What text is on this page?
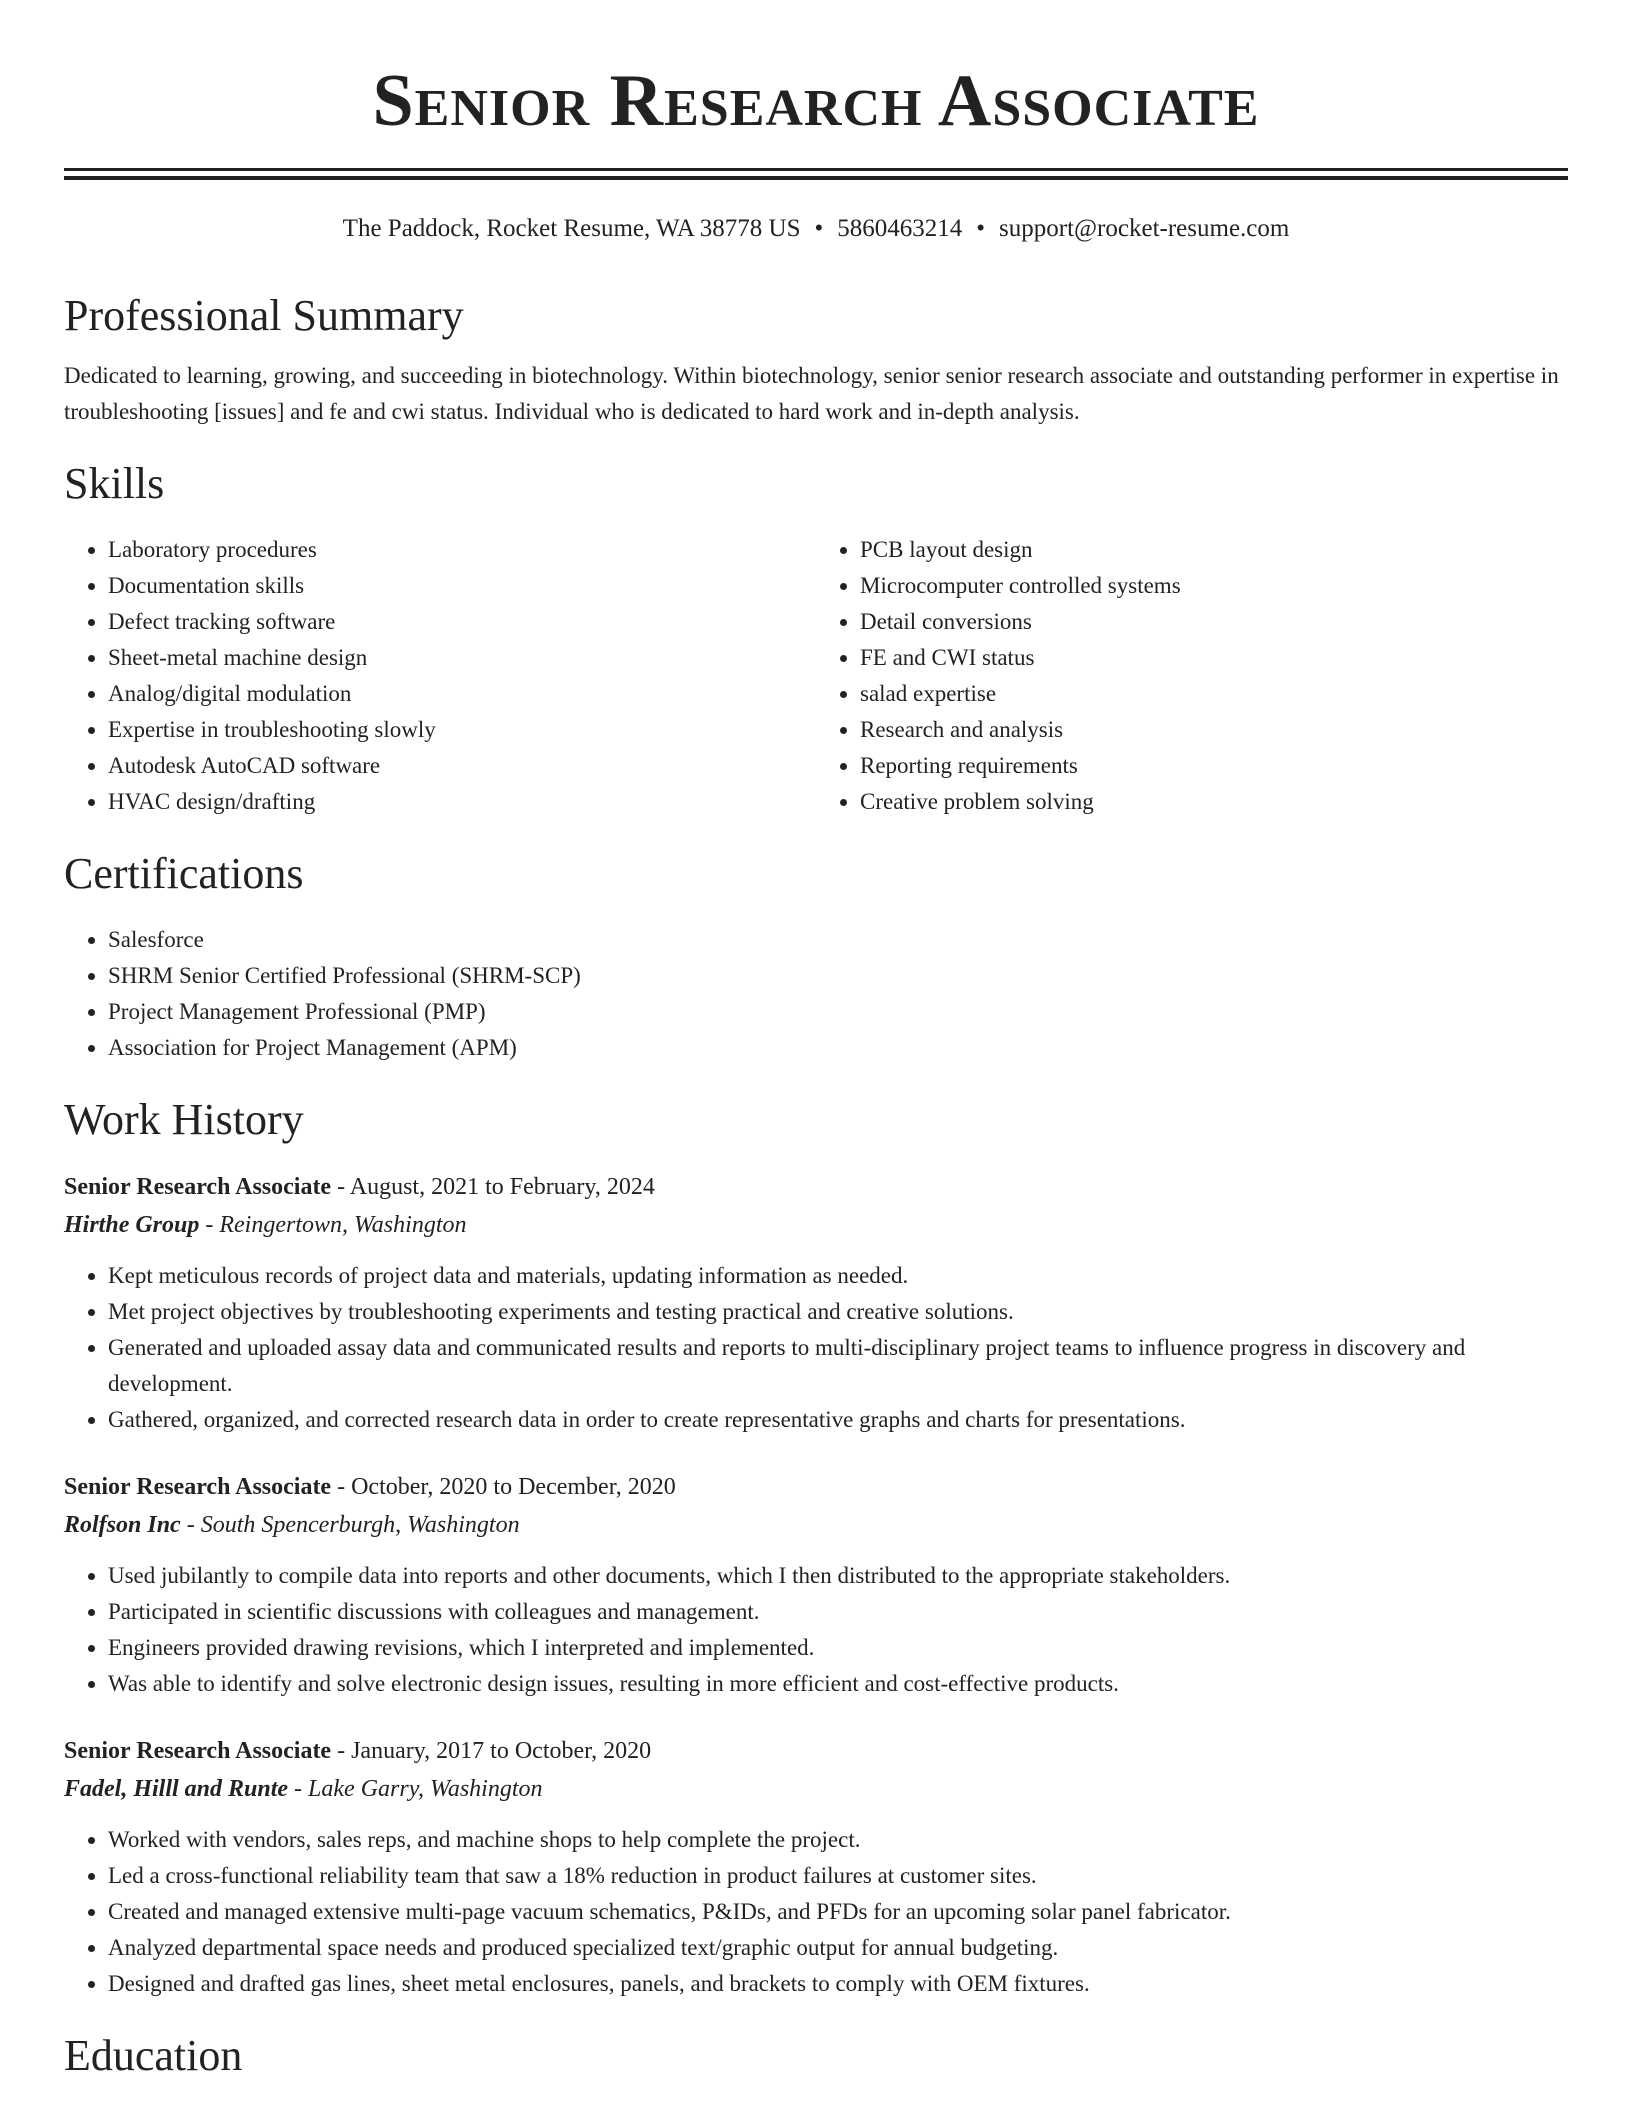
Senior Research Associate
The Paddock, Rocket Resume, WA 38778 US • 5860463214 • support@rocket-resume.com
Professional Summary

Dedicated to learning, growing, and succeeding in biotechnology. Within biotechnology, senior senior research associate and outstanding performer in expertise in troubleshooting [issues] and fe and cwi status. Individual who is dedicated to hard work and in-depth analysis.

Skills
• Laboratory procedures
• Documentation skills
• Defect tracking software
• Sheet-metal machine design
• Analog/digital modulation
• Expertise in troubleshooting slowly
• Autodesk AutoCAD software
• HVAC design/drafting
• PCB layout design
• Microcomputer controlled systems
• Detail conversions
• FE and CWI status
• salad expertise
• Research and analysis
• Reporting requirements
• Creative problem solving
Certifications
• Salesforce
• SHRM Senior Certified Professional (SHRM-SCP)
• Project Management Professional (PMP)
• Association for Project Management (APM)
Work History
Senior Research Associate - August, 2021 to February, 2024
Hirthe Group - Reingertown, Washington
• Kept meticulous records of project data and materials, updating information as needed.
• Met project objectives by troubleshooting experiments and testing practical and creative solutions.
• Generated and uploaded assay data and communicated results and reports to multi-disciplinary project teams to influence progress in discovery and development.
• Gathered, organized, and corrected research data in order to create representative graphs and charts for presentations.
Senior Research Associate - October, 2020 to December, 2020
Rolfson Inc - South Spencerburgh, Washington
• Used jubilantly to compile data into reports and other documents, which I then distributed to the appropriate stakeholders.
• Participated in scientific discussions with colleagues and management.
• Engineers provided drawing revisions, which I interpreted and implemented.
• Was able to identify and solve electronic design issues, resulting in more efficient and cost-effective products.
Senior Research Associate - January, 2017 to October, 2020
Fadel, Hilll and Runte - Lake Garry, Washington
• Worked with vendors, sales reps, and machine shops to help complete the project.
• Led a cross-functional reliability team that saw a 18% reduction in product failures at customer sites.
• Created and managed extensive multi-page vacuum schematics, P&IDs, and PFDs for an upcoming solar panel fabricator.
• Analyzed departmental space needs and produced specialized text/graphic output for annual budgeting.
• Designed and drafted gas lines, sheet metal enclosures, panels, and brackets to comply with OEM fixtures.
Education
